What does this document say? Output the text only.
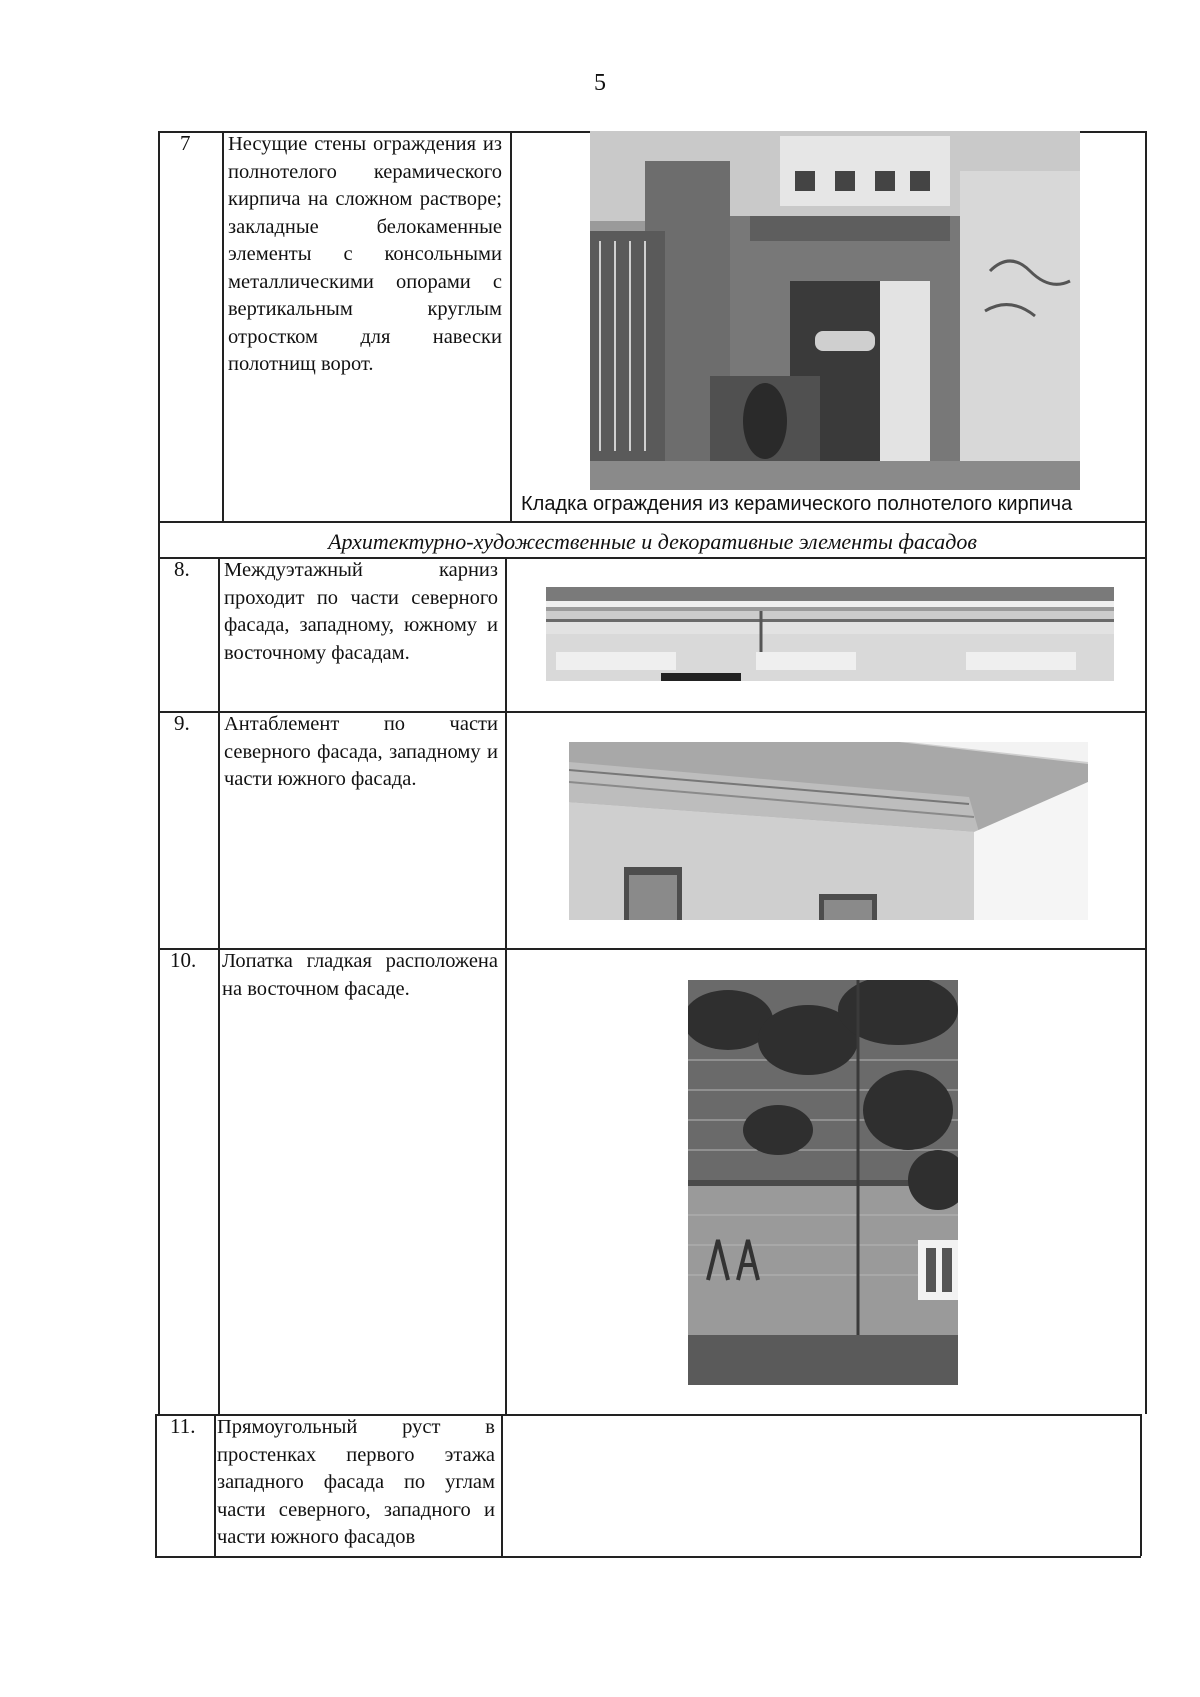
5
7 Несущие стены ограждения из полнотелого керамического кирпича на сложном растворе; закладные белокаменные элементы с консольными металлическими опорами с вертикальным круглым отростком для навески полотнищ ворот.
Кладка ограждения из керамического полнотелого кирпича
Архитектурно-художественные и декоративные элементы фасадов
8. Междуэтажный карниз проходит по части северного фасада, западному, южному и восточному фасадам.
9. Антаблемент по части северного фасада, западному и части южного фасада.
10. Лопатка гладкая расположена на восточном фасаде.
11. Прямоугольный руст в простенках первого этажа западного фасада по углам части северного, западного и части южного фасадов
